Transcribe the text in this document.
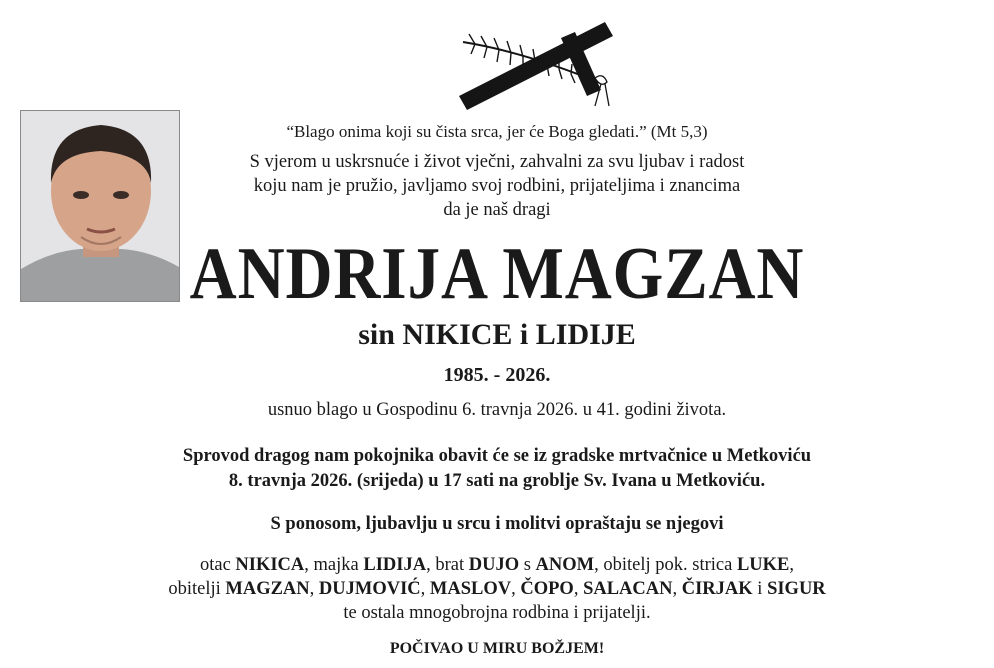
“Blago onima koji su čista srca, jer će Boga gledati.” (Mt 5,3)
S vjerom u uskrsnuće i život vječni, zahvalni za svu ljubav i radost
koju nam je pružio, javljamo svoj rodbini, prijateljima i znancima
da je naš dragi
ANDRIJA MAGZAN
sin NIKICE i LIDIJE
1985. - 2026.
usnuo blago u Gospodinu 6. travnja 2026. u 41. godini života.
Sprovod dragog nam pokojnika obavit će se iz gradske mrtvačnice u Metkoviću
8. travnja 2026. (srijeda) u 17 sati na groblje Sv. Ivana u Metkoviću.
S ponosom, ljubavlju u srcu i molitvi opraštaju se njegovi
otac NIKICA, majka LIDIJA, brat DUJO s ANOM, obitelj pok. strica LUKE,
obitelji MAGZAN, DUJMOVIĆ, MASLOV, ČOPO, SALACAN, ČIRJAK i SIGUR
te ostala mnogobrojna rodbina i prijatelji.
POČIVAO U MIRU BOŽJEM!
